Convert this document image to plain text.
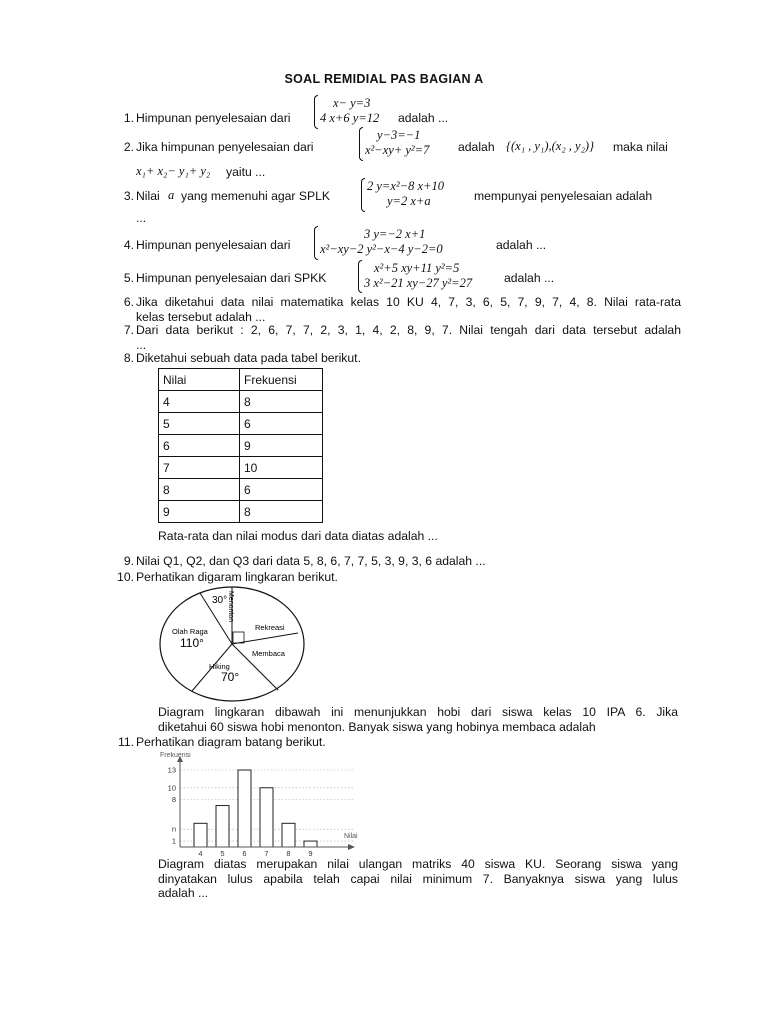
SOAL REMIDIAL PAS BAGIAN A
1. Himpunan penyelesaian dari
x− y=3
4 x+6 y=12 adalah ...
2. Jika himpunan penyelesaian dari
y−3=−1
x²−xy+ y²=7 adalah {(x₁ , y₁),(x₂ , y₂)} maka nilai
x₁+ x₂− y₁+ y₂ yaitu ...
3. Nilai a yang memenuhi agar SPLK
2 y=x²−8 x+10
y=2 x+a	mempunyai penyelesaian adalah
...
4. Himpunan penyelesaian dari
3 y=−2 x+1
x²−xy−2 y²−x−4 y−2=0	adalah ...
5. Himpunan penyelesaian dari SPKK
x²+5 xy+11 y²=5
3 x²−21 xy−27 y²=27	adalah ...
6. Jika diketahui data nilai matematika kelas 10 KU 4, 7, 3, 6, 5, 7, 9, 7, 4, 8. Nilai rata-rata
kelas tersebut adalah ...
7. Dari data berikut : 2, 6, 7, 7, 2, 3, 1, 4, 2, 8, 9, 7. Nilai tengah dari data tersebut adalah
...
8. Diketahui sebuah data pada tabel berikut.
Nilai	Frekuensi
4	8
5	6
6	9
7	10
8	6
9	8
Rata-rata dan nilai modus dari data diatas adalah ...
9. Nilai Q1, Q2, dan Q3 dari data 5, 8, 6, 7, 7, 5, 3, 9, 3, 6 adalah ...
10. Perhatikan digaram lingkaran berikut.
30° Menonton
Rekreasi
Membaca
Olah Raga
110°
Hiking
70°
Diagram lingkaran dibawah ini menunjukkan hobi dari siswa kelas 10 IPA 6. Jika
diketahui 60 siswa hobi menonton. Banyak siswa yang hobinya membaca adalah
11. Perhatikan diagram batang berikut.
1
n
8
10
13
4 5 6 7 8 9
Frekuensi
Nilai
Diagram diatas merupakan nilai ulangan matriks 40 siswa KU. Seorang siswa yang
dinyatakan lulus apabila telah capai nilai minimum 7. Banyaknya siswa yang lulus
adalah ...
